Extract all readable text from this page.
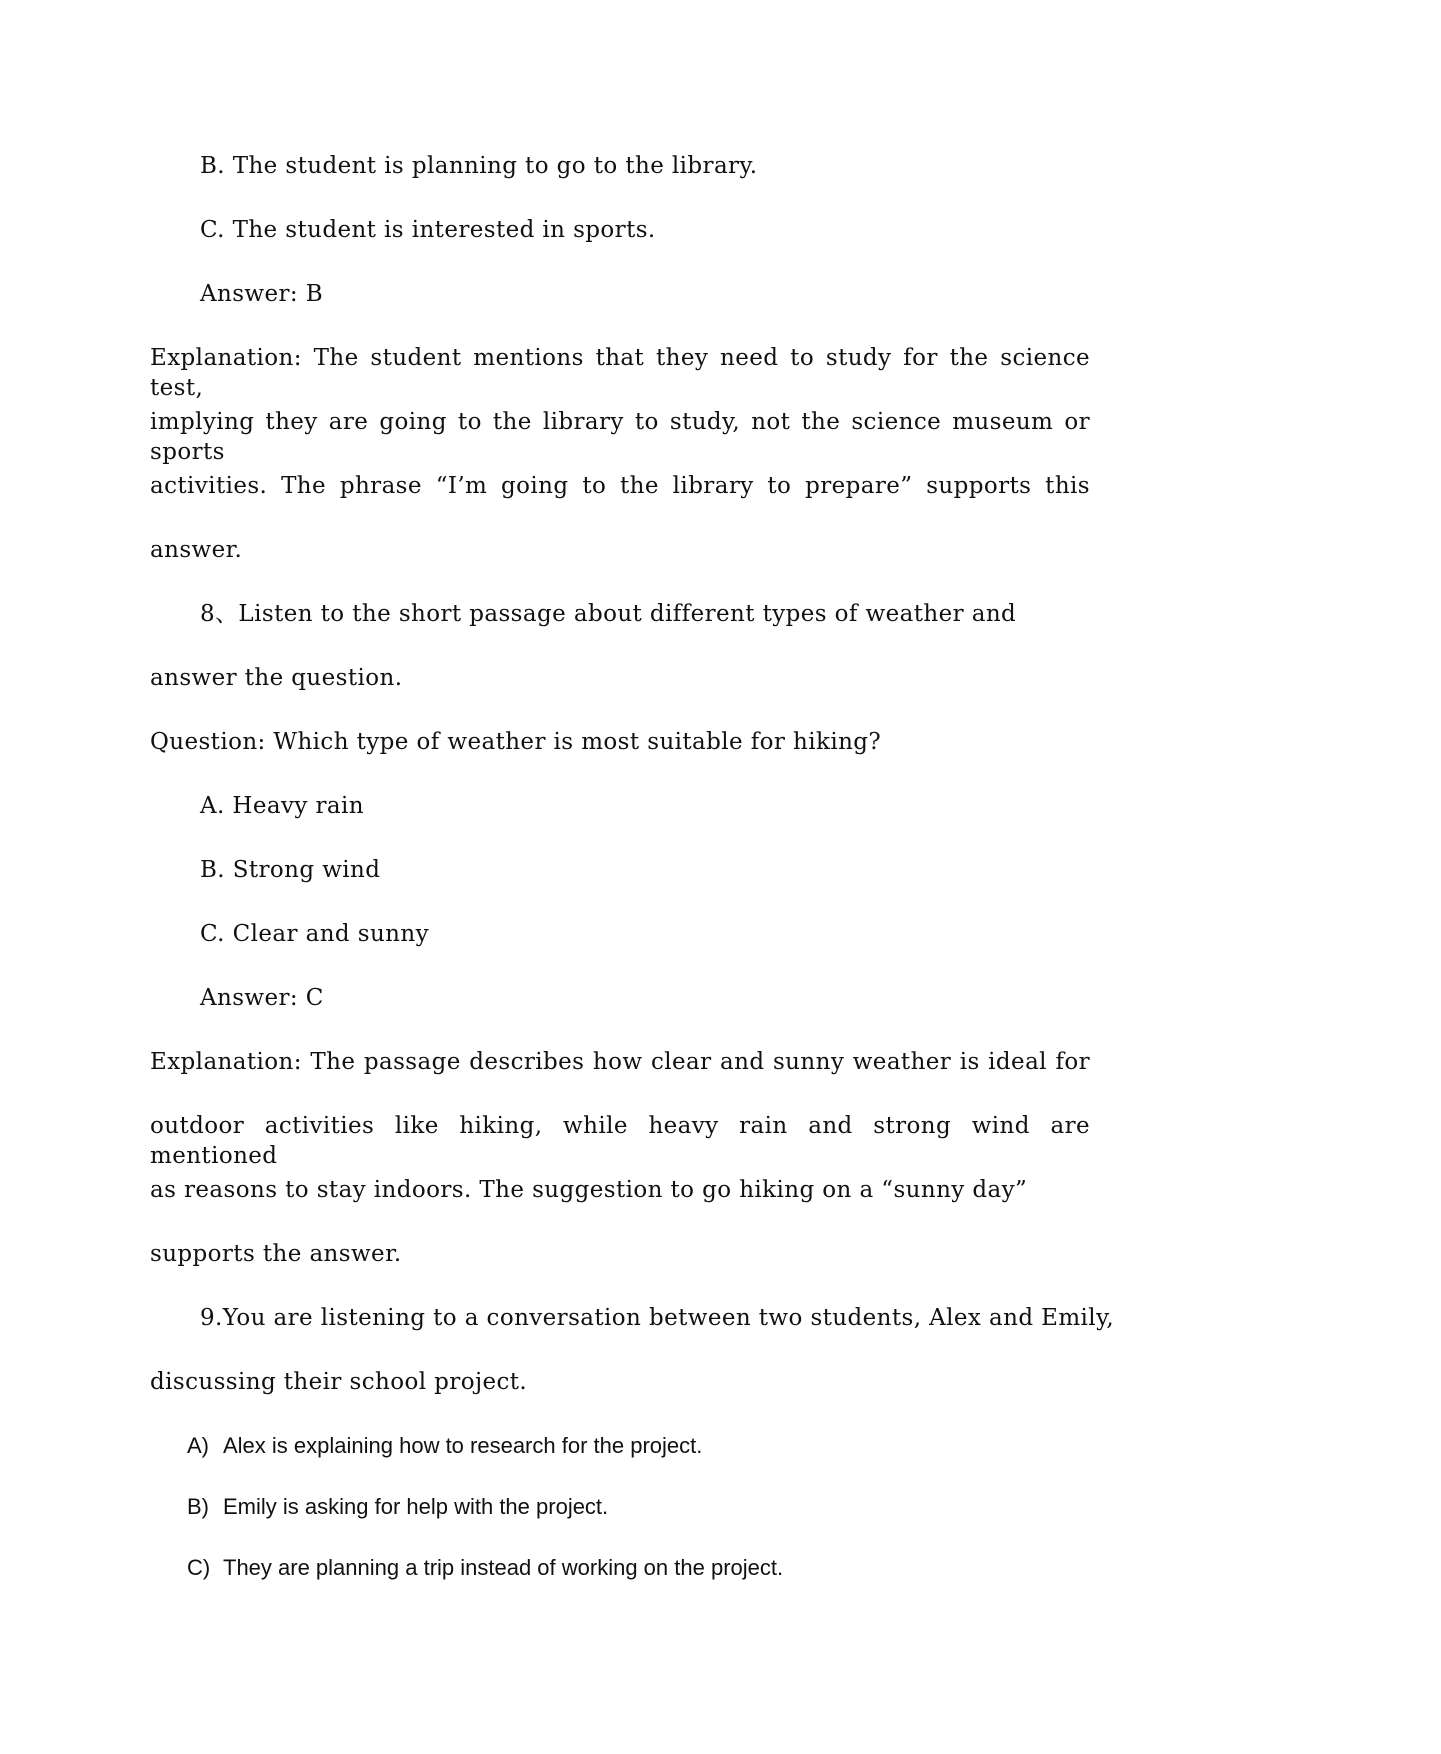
B. The student is planning to go to the library.
C. The student is interested in sports.
Answer: B
Explanation: The student mentions that they need to study for the science test,
implying they are going to the library to study, not the science museum or sports
activities. The phrase “I’m going to the library to prepare” supports this
answer.
8、Listen to the short passage about different types of weather and
answer the question.
Question: Which type of weather is most suitable for hiking?
A. Heavy rain
B. Strong wind
C. Clear and sunny
Answer: C
Explanation: The passage describes how clear and sunny weather is ideal for
outdoor activities like hiking, while heavy rain and strong wind are mentioned
as reasons to stay indoors. The suggestion to go hiking on a “sunny day”
supports the answer.
9.You are listening to a conversation between two students, Alex and Emily,
discussing their school project.
A) Alex is explaining how to research for the project.
B) Emily is asking for help with the project.
C) They are planning a trip instead of working on the project.
